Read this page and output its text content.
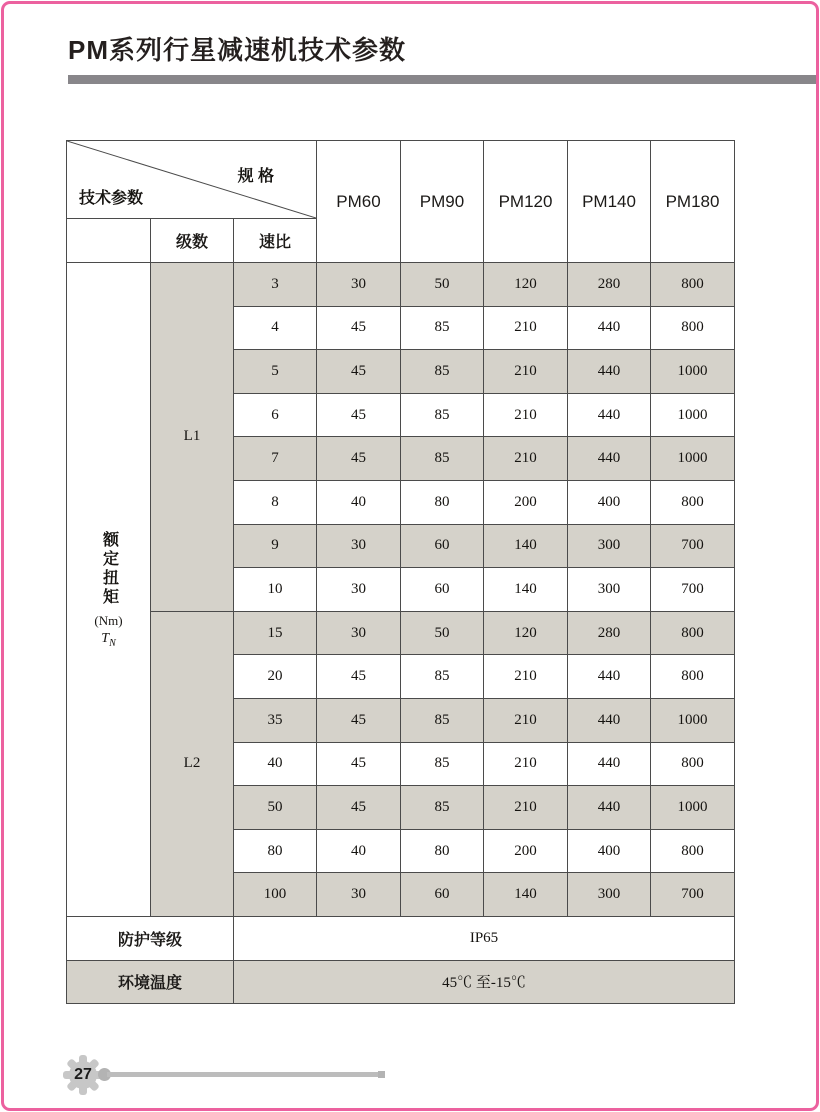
PM系列行星减速机技术参数
规 格
技术参数			PM60	PM90	PM120	PM140	PM180
	级数	速比					

额定扭矩
(Nm)
$T_N$	L1	3	30	50	120	280	800
		4	45	85	210	440	800
		5	45	85	210	440	1000
		6	45	85	210	440	1000
		7	45	85	210	440	1000
		8	40	80	200	400	800
		9	30	60	140	300	700
		10	30	60	140	300	700
	L2	15	30	50	120	280	800
		20	45	85	210	440	800
		35	45	85	210	440	1000
		40	45	85	210	440	800
		50	45	85	210	440	1000
		80	40	80	200	400	800
		100	30	60	140	300	700
防护等级		IP65					
环境温度		45℃ 至-15℃					
27
